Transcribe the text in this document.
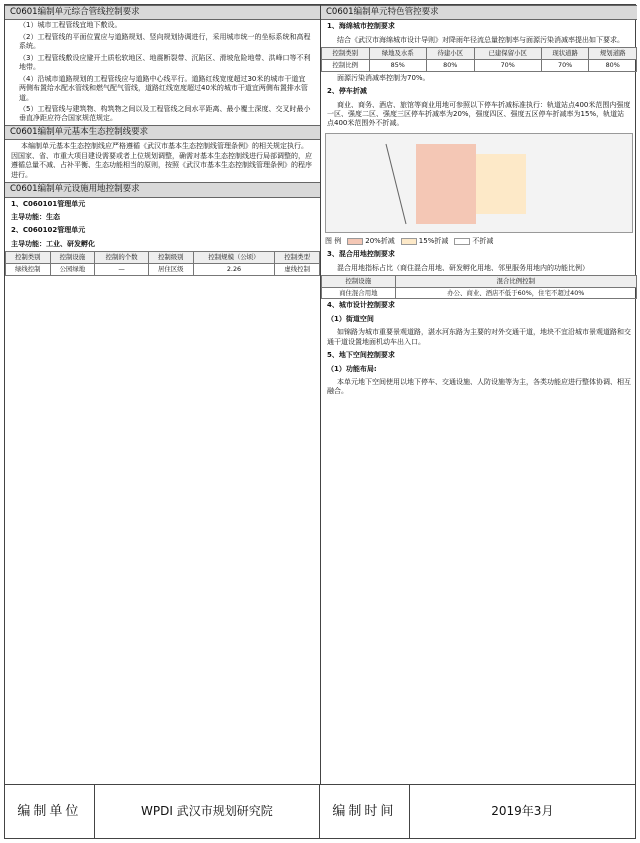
C0601编制单元综合管线控制要求
（1）城市工程管线宜地下敷设。
（2）工程管线的平面位置应与道路规划、竖向规划协调进行，采用城市统一的坐标系统和高程系统。
（3）工程管线敷设应避开土质松软地区、地震断裂带、沉陷区、滑坡危险地带、洪峰口等不利地带。
（4）沿城市道路规划的工程管线应与道路中心线平行。道路红线宽度超过30米的城市干道宜两侧布置给水配水管线和燃气配气管线，道路红线宽度超过40米的城市干道宜两侧布置排水管道。
（5）工程管线与建筑物、构筑物之间以及工程管线之间水平距离、最小覆土深度、交叉时最小垂直净距应符合国家规范规定。
C0601编制单元基本生态控制线要求
本编制单元基本生态控制线应严格遵循《武汉市基本生态控制线管理条例》的相关规定执行。因国家、省、市重大项目建设需要或者上位规划调整，确需对基本生态控制线进行局部调整的，应遵循总量不减、占补平衡、生态功能相当的原则，按照《武汉市基本生态控制线管理条例》的程序进行。
C0601编制单元设施用地控制要求
1、C060101管理单元
主导功能：生态
2、C060102管理单元
主导功能：工业、研发孵化
控制类别	控制设施	控制的个数	控制级别	控制规模（公顷）	控制类型
绿线控制	公园绿地	—	居住区级	2.26	虚线控制
C0601编制单元特色管控要求
1、海绵城市控制要求
结合《武汉市海绵城市设计导则》对降雨年径流总量控制率与面源污染消减率提出如下要求。
控制类别	绿地及水系	待建小区	已建保留小区	现状道路	规划道路
控制比例	85%	80%	70%	70%	80%
面源污染消减率控制为70%。
2、停车折减
商业、商务、酒店、旅馆等商业用地可参照以下停车折减标准执行：轨道站点400米范围内强度一区、强度二区、强度三区停车折减率为20%，强度四区、强度五区停车折减率为15%，轨道站点400米范围外不折减。
图 例	20%折减	15%折减	不折减
3、混合用地控制要求
混合用地指标占比（商住混合用地、研发孵化用地、邻里服务用地内的功能比例）
控制设施	混合比例控制
商住混合用地	办公、商业、酒店不低于60%，住宅不超过40%
4、城市设计控制要求
（1）街道空间
如锦路为城市重要景观道路，湛水河东路为主要的对外交通干道，地块不宜沿城市景观道路和交通干道设置地面机动车出入口。
5、地下空间控制要求
（1）功能布局:
本单元地下空间使用以地下停车、交通设施、人防设施等为主，各类功能应进行整体协调、相互融合。
编制单位	WPDI 武汉市规划研究院	编制时间	2019年3月
